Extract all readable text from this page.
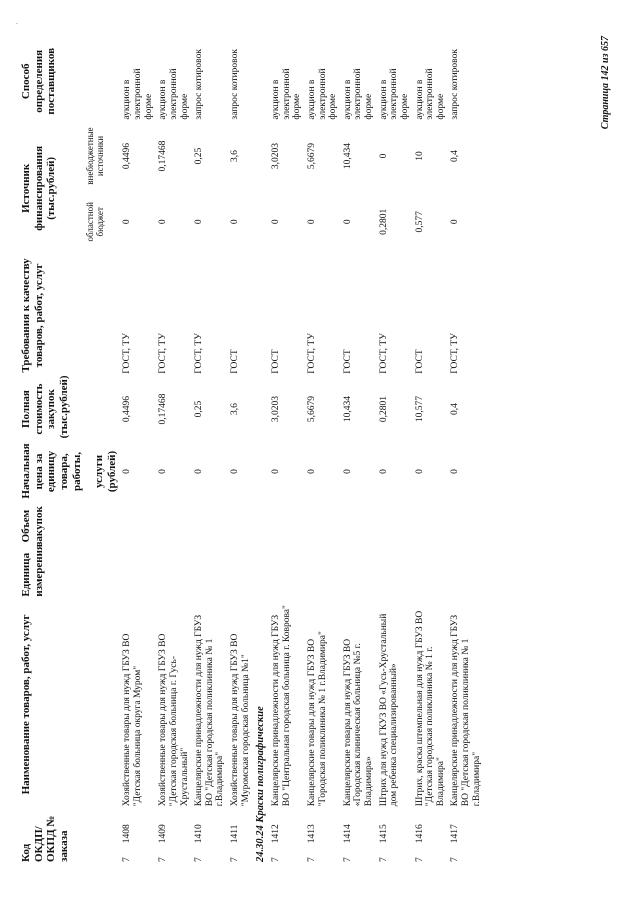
·
Код ОКДП/ ОКПД № заказа	Наименование товаров, работ, услуг	Единица измерения	Объем закупок	Начальная цена за единицу товара, работы, услуги (рублей)	Полная стоимость закупок (тыс.рублей)	Требования к качеству товаров, работ, услуг	Источник финансирования (тыс.рублей)		Способ определения поставщиков
							областной бюджет	внебюджетные источники	
71408	Хозяйственные товары для нужд ГБУЗ ВО "Детская больница округа Муром"			0	0,4496	ГОСТ, ТУ	0	0,4496	аукцион в электронной форме
71409	Хозяйственные товары для нужд ГБУЗ ВО "Детская городская больница г. Гусь-Хрустальный"			0	0,17468	ГОСТ, ТУ	0	0,17468	аукцион в электронной форме
71410	Канцелярские принадлежности для нужд ГБУЗ ВО "Детская городская поликлиника № 1 г.Владимира"			0	0,25	ГОСТ, ТУ	0	0,25	запрос котировок
71411	Хозяйственные товары для нужд ГБУЗ ВО "Муромская городская больница №1"			0	3,6	ГОСТ	0	3,6	запрос котировок
24.30.24 Краски полиграфические									
71412	Канцелярские принадлежности для нужд ГБУЗ ВО "Центральная городская больница г. Коврова"			0	3,0203	ГОСТ	0	3,0203	аукцион в электронной форме
71413	Канцелярские товары для нужд ГБУЗ ВО "Городская поликлиника № 1 г.Владимира"			0	5,6679	ГОСТ, ТУ	0	5,6679	аукцион в электронной форме
71414	Канцелярские товары для нужд ГБУЗ ВО «Городская клиническая больница №5 г. Владимира»			0	10,434	ГОСТ	0	10,434	аукцион в электронной форме
71415	Штрих для нужд ГКУЗ ВО «Гусь-Хрустальный дом ребенка специализированный»			0	0,2801	ГОСТ, ТУ	0,2801	0	аукцион в электронной форме
71416	Штрих, краска штемпельная для нужд ГБУЗ ВО "Детская городская поликлиника № 1 г. Владимира"			0	10,577	ГОСТ	0,577	10	аукцион в электронной форме
71417	Канцелярские принадлежности для нужд ГБУЗ ВО "Детская городская поликлиника № 1 г.Владимира"			0	0,4	ГОСТ, ТУ	0	0,4	запрос котировок	Страница 142 из 657
